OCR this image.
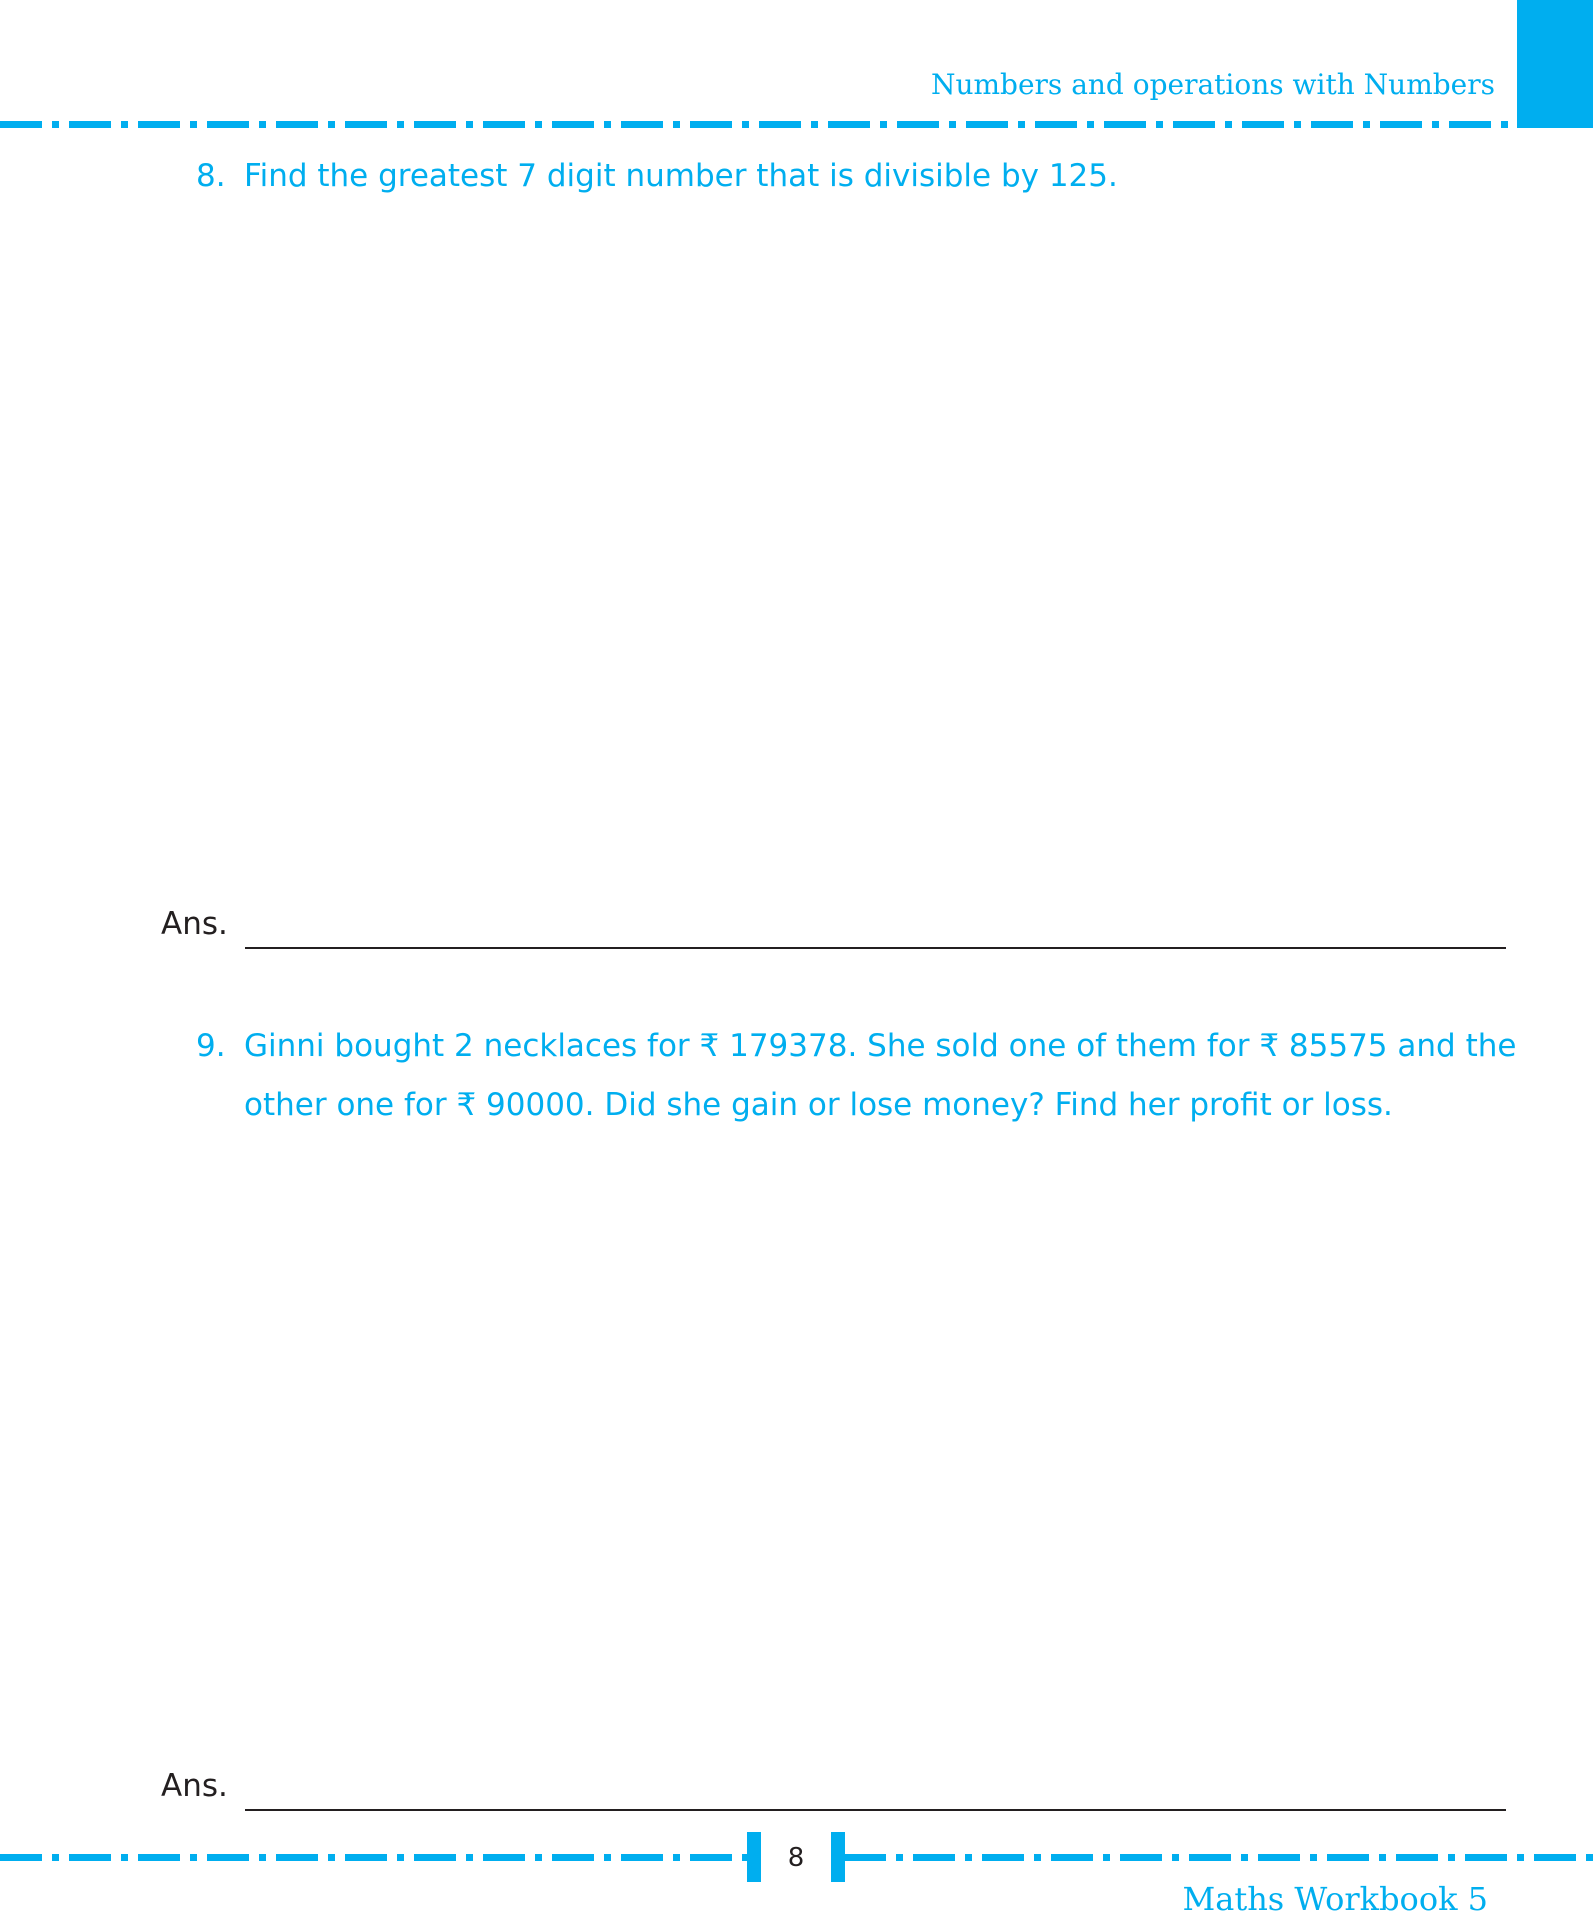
Numbers and operations with Numbers
8. Find the greatest 7 digit number that is divisible by 125.
Ans.
9. Ginni bought 2 necklaces for ₹ 179378. She sold one of them for ₹ 85575 and the other one for ₹ 90000. Did she gain or lose money? Find her profit or loss.
Ans.
8
Maths Workbook 5
